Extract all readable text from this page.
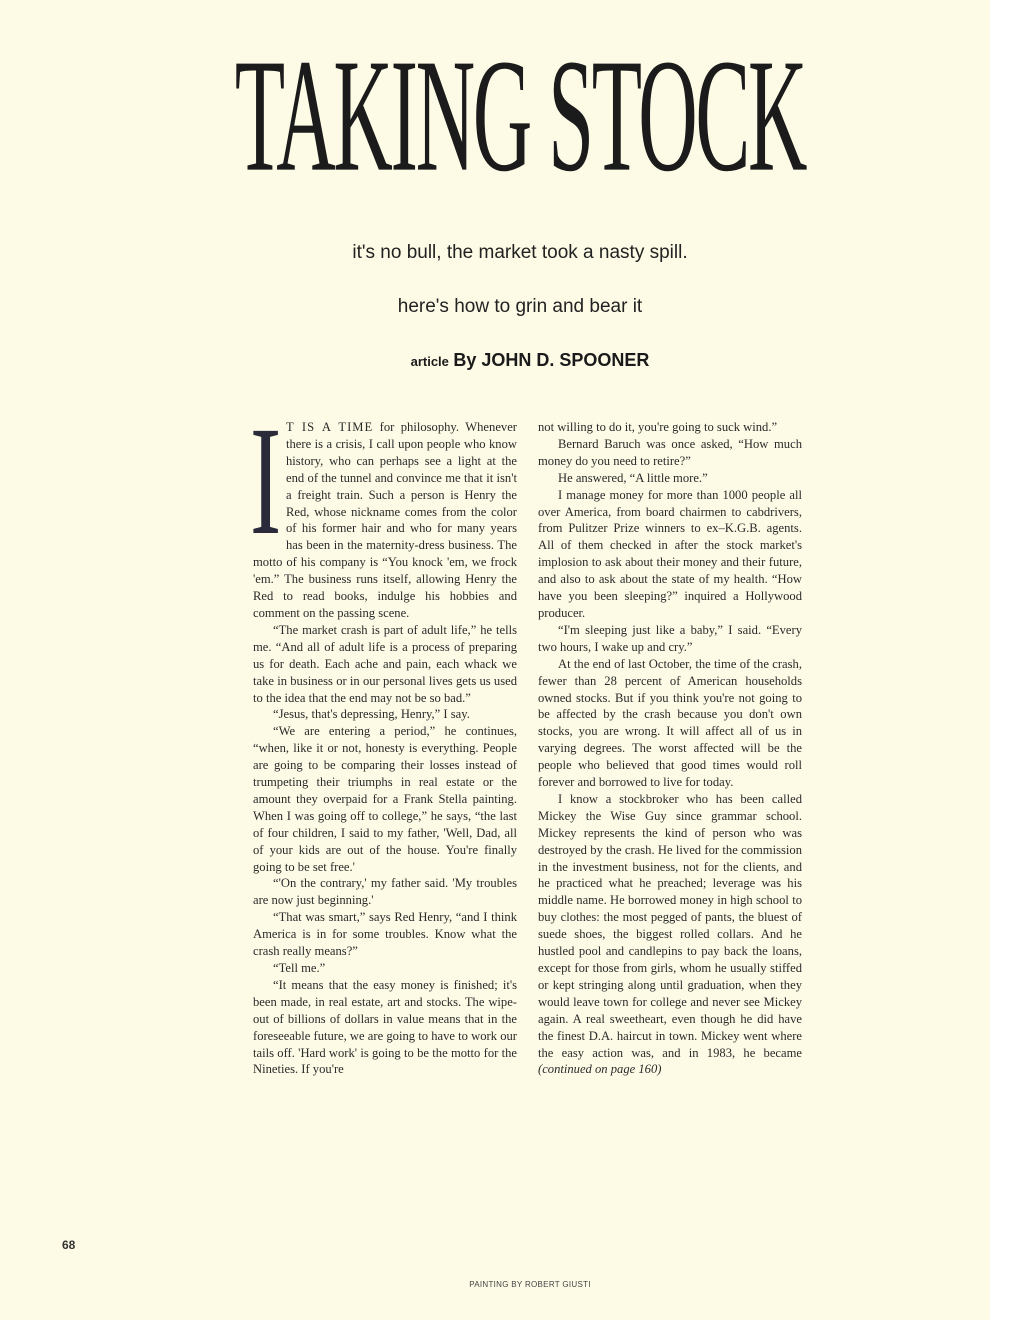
TAKING STOCK
it's no bull, the market took a nasty spill.
here's how to grin and bear it
article By JOHN D. SPOONER

I T IS A TIME for philosophy. Whenever there is a crisis, I call upon people who know history, who can perhaps see a light at the end of the tunnel and convince me that it isn't a freight train. Such a person is Henry the Red, whose nickname comes from the color of his former hair and who for many years has been in the maternity-dress business. The motto of his company is “You knock 'em, we frock 'em.” The business runs itself, allowing Henry the Red to read books, indulge his hobbies and comment on the passing scene.

“The market crash is part of adult life,” he tells me. “And all of adult life is a process of preparing us for death. Each ache and pain, each whack we take in business or in our personal lives gets us used to the idea that the end may not be so bad.”

“Jesus, that's depressing, Henry,” I say.

“We are entering a period,” he continues, “when, like it or not, honesty is everything. People are going to be comparing their losses instead of trumpeting their triumphs in real estate or the amount they overpaid for a Frank Stella painting. When I was going off to college,” he says, “the last of four children, I said to my father, 'Well, Dad, all of your kids are out of the house. You're finally going to be set free.'

“'On the contrary,' my father said. 'My troubles are now just beginning.'

“That was smart,” says Red Henry, “and I think America is in for some troubles. Know what the crash really means?”

“Tell me.”

“It means that the easy money is finished; it's been made, in real estate, art and stocks. The wipe-out of billions of dollars in value means that in the foreseeable future, we are going to have to work our tails off. 'Hard work' is going to be the motto for the Nineties. If you're

not willing to do it, you're going to suck wind.”

Bernard Baruch was once asked, “How much money do you need to retire?”

He answered, “A little more.”

I manage money for more than 1000 people all over America, from board chairmen to cabdrivers, from Pulitzer Prize winners to ex–K.G.B. agents. All of them checked in after the stock market's implosion to ask about their money and their future, and also to ask about the state of my health. “How have you been sleeping?” inquired a Hollywood producer.

“I'm sleeping just like a baby,” I said. “Every two hours, I wake up and cry.”

At the end of last October, the time of the crash, fewer than 28 percent of American households owned stocks. But if you think you're not going to be affected by the crash because you don't own stocks, you are wrong. It will affect all of us in varying degrees. The worst affected will be the people who believed that good times would roll forever and borrowed to live for today.

I know a stockbroker who has been called Mickey the Wise Guy since grammar school. Mickey represents the kind of person who was destroyed by the crash. He lived for the commission in the investment business, not for the clients, and he practiced what he preached; leverage was his middle name. He borrowed money in high school to buy clothes: the most pegged of pants, the bluest of suede shoes, the biggest rolled collars. And he hustled pool and candlepins to pay back the loans, except for those from girls, whom he usually stiffed or kept stringing along until graduation, when they would leave town for college and never see Mickey again. A real sweetheart, even though he did have the finest D.A. haircut in town. Mickey went where the easy action was, and in 1983, he became (continued on page 160)

68
PAINTING BY ROBERT GIUSTI
